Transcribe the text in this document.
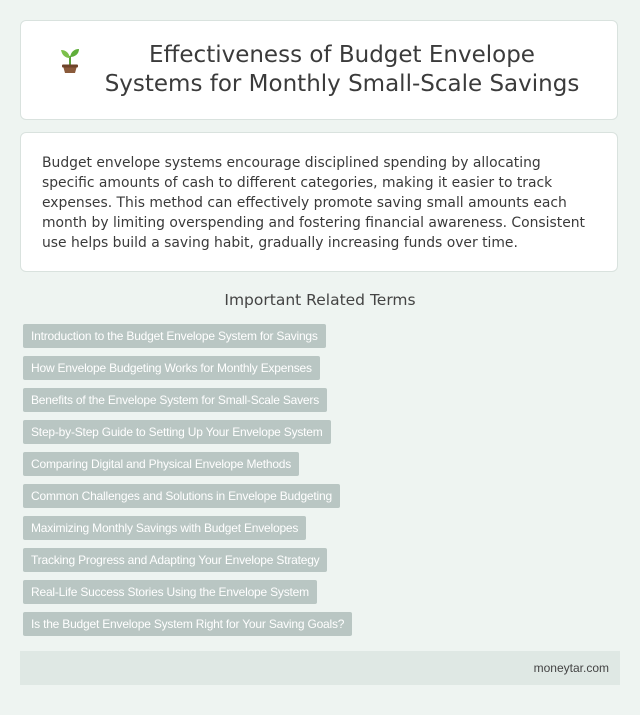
Effectiveness of Budget Envelope Systems for Monthly Small-Scale Savings

Budget envelope systems encourage disciplined spending by allocating specific amounts of cash to different categories, making it easier to track expenses. This method can effectively promote saving small amounts each month by limiting overspending and fostering financial awareness. Consistent use helps build a saving habit, gradually increasing funds over time.

Important Related Terms
Introduction to the Budget Envelope System for Savings
How Envelope Budgeting Works for Monthly Expenses
Benefits of the Envelope System for Small-Scale Savers
Step-by-Step Guide to Setting Up Your Envelope System
Comparing Digital and Physical Envelope Methods
Common Challenges and Solutions in Envelope Budgeting
Maximizing Monthly Savings with Budget Envelopes
Tracking Progress and Adapting Your Envelope Strategy
Real-Life Success Stories Using the Envelope System
Is the Budget Envelope System Right for Your Saving Goals?
moneytar.com
